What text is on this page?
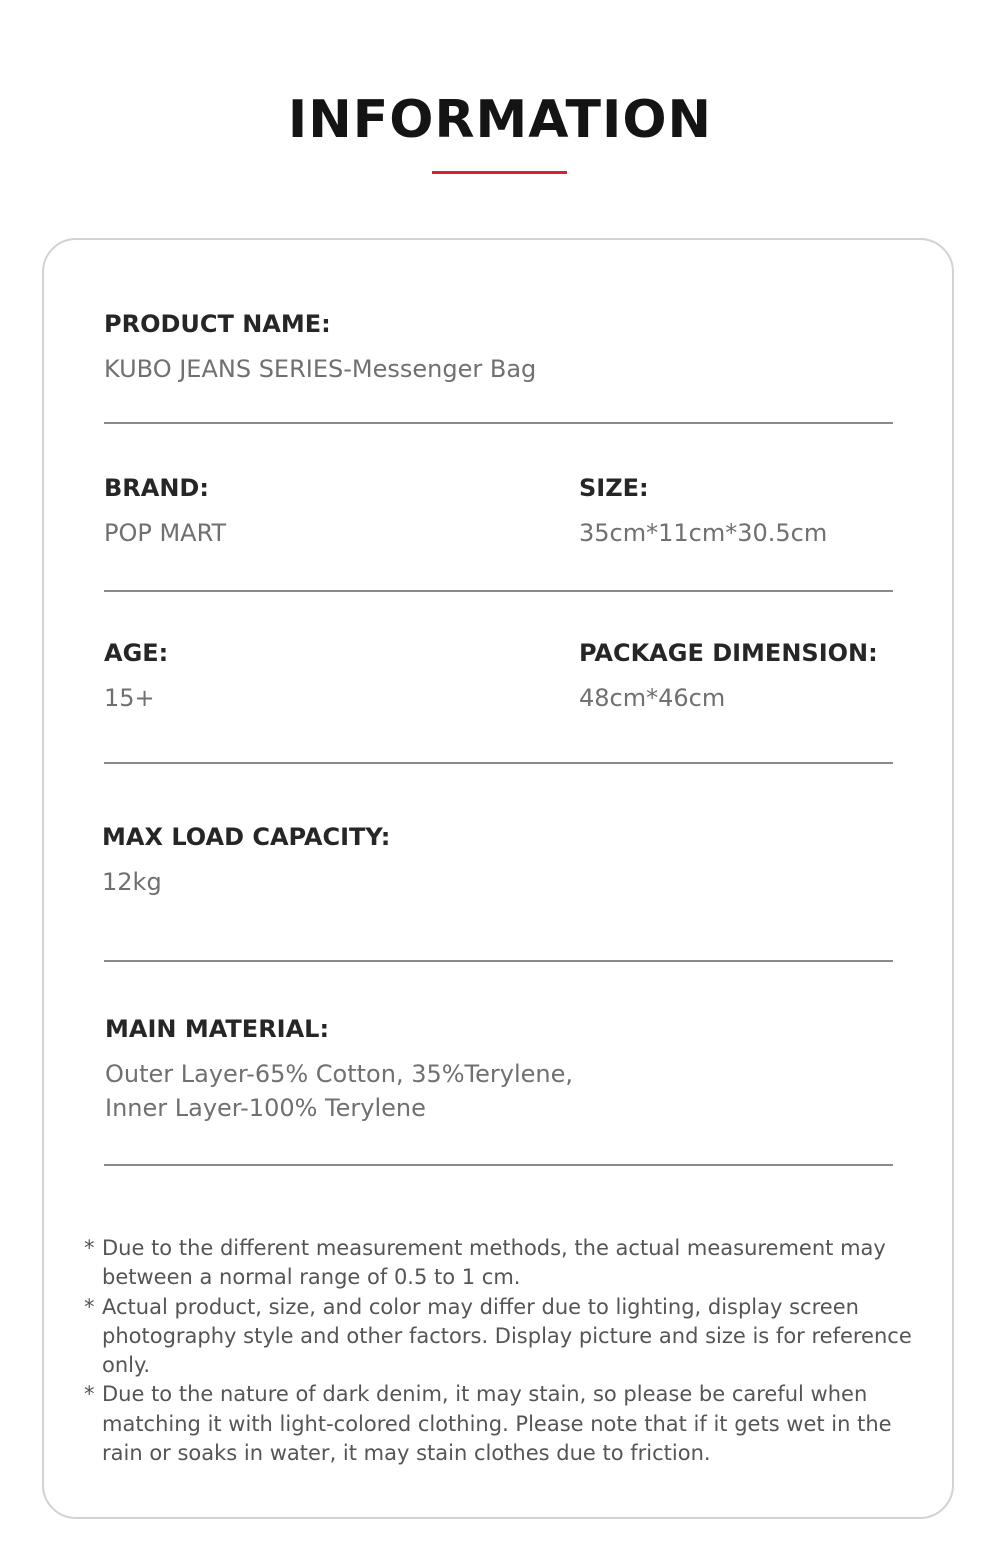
INFORMATION
PRODUCT NAME:
KUBO JEANS SERIES-Messenger Bag
BRAND:
POP MART
SIZE:
35cm*11cm*30.5cm
AGE:
15+
PACKAGE DIMENSION:
48cm*46cm
MAX LOAD CAPACITY:
12kg
MAIN MATERIAL:
Outer Layer-65% Cotton, 35%Terylene,
Inner Layer-100% Terylene
* Due to the different measurement methods, the actual measurement may between a normal range of 0.5 to 1 cm.
* Actual product, size, and color may differ due to lighting, display screen photography style and other factors. Display picture and size is for reference only.
* Due to the nature of dark denim, it may stain, so please be careful when matching it with light-colored clothing. Please note that if it gets wet in the rain or soaks in water, it may stain clothes due to friction.
